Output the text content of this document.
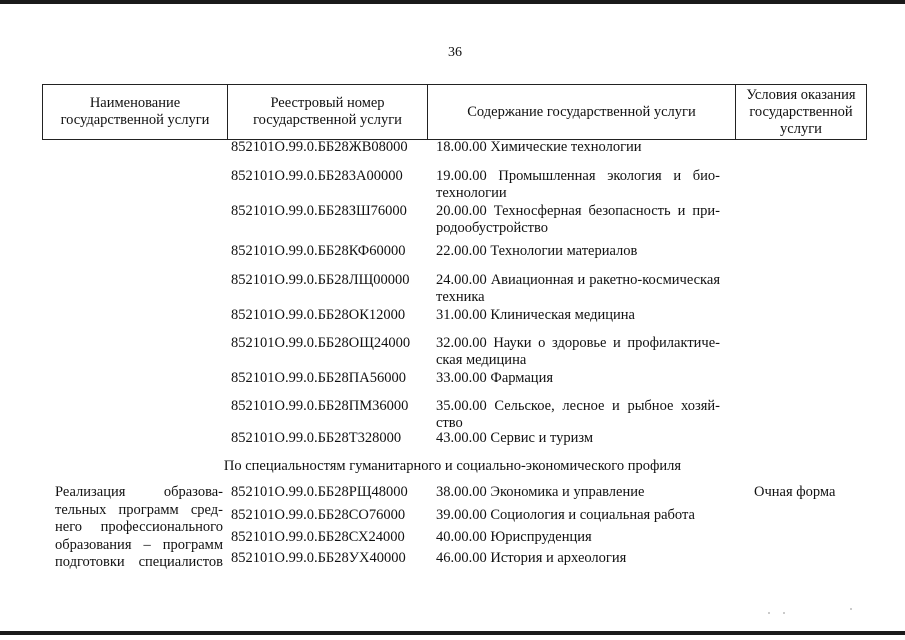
36
Наименование государственной услуги
Реестровый номер государственной услуги
Содержание государственной услуги
Условия оказания государственной услуги
852101О.99.0.ББ28ЖВ08000 18.00.00 Химические технологии
852101О.99.0.ББ283А00000 19.00.00 Промышленная экология и био-технологии
852101О.99.0.ББ28ЗШ76000 20.00.00 Техносферная безопасность и при-родообустройство
852101О.99.0.ББ28КФ60000 22.00.00 Технологии материалов
852101О.99.0.ББ28ЛЩ00000 24.00.00 Авиационная и ракетно-космическая техника
852101О.99.0.ББ28ОК12000 31.00.00 Клиническая медицина
852101О.99.0.ББ28ОЩ24000 32.00.00 Науки о здоровье и профилактиче-ская медицина
852101О.99.0.ББ28ПА56000 33.00.00 Фармация
852101О.99.0.ББ28ПМ36000 35.00.00 Сельское, лесное и рыбное хозяй-ство
852101О.99.0.ББ28Т328000 43.00.00 Сервис и туризм
По специальностям гуманитарного и социально-экономического профиля
Реализация образова-тельных программ сред-него профессионального образования – программ подготовки специалистов
Очная форма
852101О.99.0.ББ28РЩ48000 38.00.00 Экономика и управление
852101О.99.0.ББ28СО76000 39.00.00 Социология и социальная работа
852101О.99.0.ББ28СХ24000 40.00.00 Юриспруденция
852101О.99.0.ББ28УХ40000 46.00.00 История и археология
